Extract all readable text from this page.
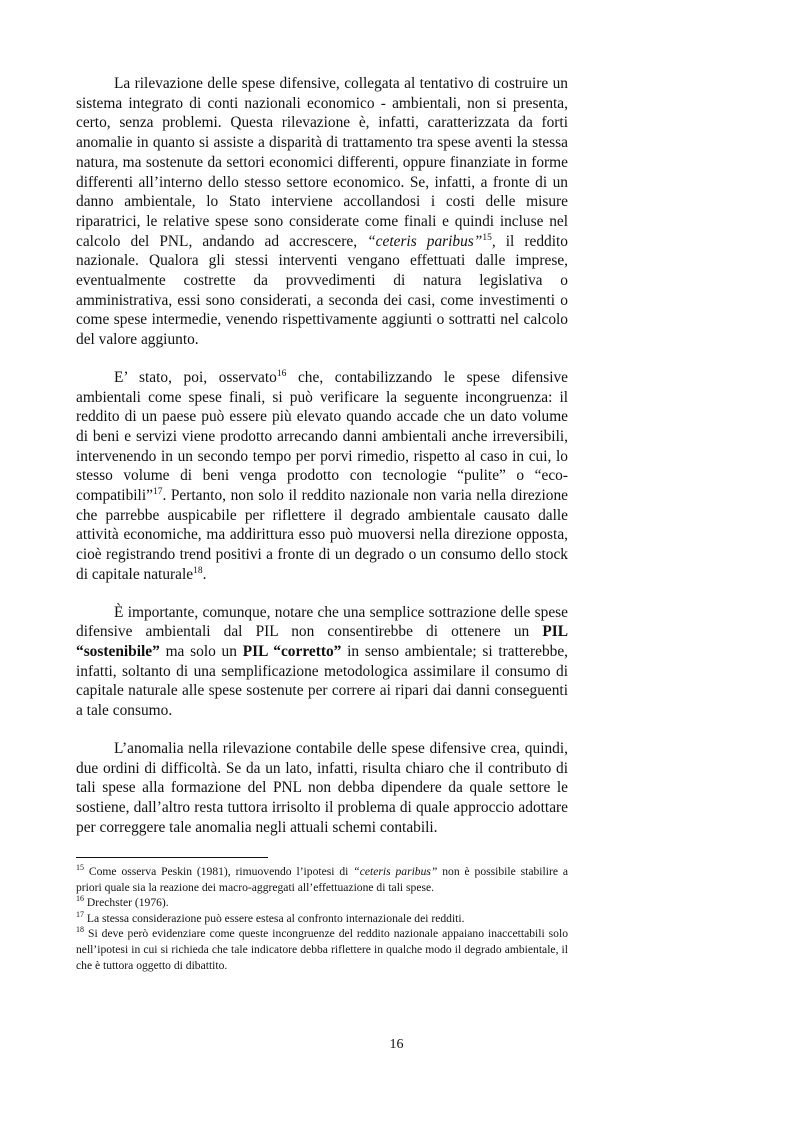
La rilevazione delle spese difensive, collegata al tentativo di costruire un sistema integrato di conti nazionali economico - ambientali, non si presenta, certo, senza problemi. Questa rilevazione è, infatti, caratterizzata da forti anomalie in quanto si assiste a disparità di trattamento tra spese aventi la stessa natura, ma sostenute da settori economici differenti, oppure finanziate in forme differenti all’interno dello stesso settore economico. Se, infatti, a fronte di un danno ambientale, lo Stato interviene accollandosi i costi delle misure riparatrici, le relative spese sono considerate come finali e quindi incluse nel calcolo del PNL, andando ad accrescere, “ceteris paribus”$^{15}$, il reddito nazionale. Qualora gli stessi interventi vengano effettuati dalle imprese, eventualmente costrette da provvedimenti di natura legislativa o amministrativa, essi sono considerati, a seconda dei casi, come investimenti o come spese intermedie, venendo rispettivamente aggiunti o sottratti nel calcolo del valore aggiunto.

E’ stato, poi, osservato$^{16}$ che, contabilizzando le spese difensive ambientali come spese finali, si può verificare la seguente incongruenza: il reddito di un paese può essere più elevato quando accade che un dato volume di beni e servizi viene prodotto arrecando danni ambientali anche irreversibili, intervenendo in un secondo tempo per porvi rimedio, rispetto al caso in cui, lo stesso volume di beni venga prodotto con tecnologie “pulite” o “eco-compatibili”$^{17}$. Pertanto, non solo il reddito nazionale non varia nella direzione che parrebbe auspicabile per riflettere il degrado ambientale causato dalle attività economiche, ma addirittura esso può muoversi nella direzione opposta, cioè registrando trend positivi a fronte di un degrado o un consumo dello stock di capitale naturale$^{18}$.

È importante, comunque, notare che una semplice sottrazione delle spese difensive ambientali dal PIL non consentirebbe di ottenere un PIL “sostenibile” ma solo un PIL “corretto” in senso ambientale; si tratterebbe, infatti, soltanto di una semplificazione metodologica assimilare il consumo di capitale naturale alle spese sostenute per correre ai ripari dai danni conseguenti a tale consumo.

L’anomalia nella rilevazione contabile delle spese difensive crea, quindi, due ordini di difficoltà. Se da un lato, infatti, risulta chiaro che il contributo di tali spese alla formazione del PNL non debba dipendere da quale settore le sostiene, dall’altro resta tuttora irrisolto il problema di quale approccio adottare per correggere tale anomalia negli attuali schemi contabili.

$^{15}$ Come osserva Peskin (1981), rimuovendo l’ipotesi di “ceteris paribus” non è possibile stabilire a priori quale sia la reazione dei macro-aggregati all’effettuazione di tali spese.

$^{16}$ Drechster (1976).

$^{17}$ La stessa considerazione può essere estesa al confronto internazionale dei redditi.

$^{18}$ Si deve però evidenziare come queste incongruenze del reddito nazionale appaiano inaccettabili solo nell’ipotesi in cui si richieda che tale indicatore debba riflettere in qualche modo il degrado ambientale, il che è tuttora oggetto di dibattito.

16
